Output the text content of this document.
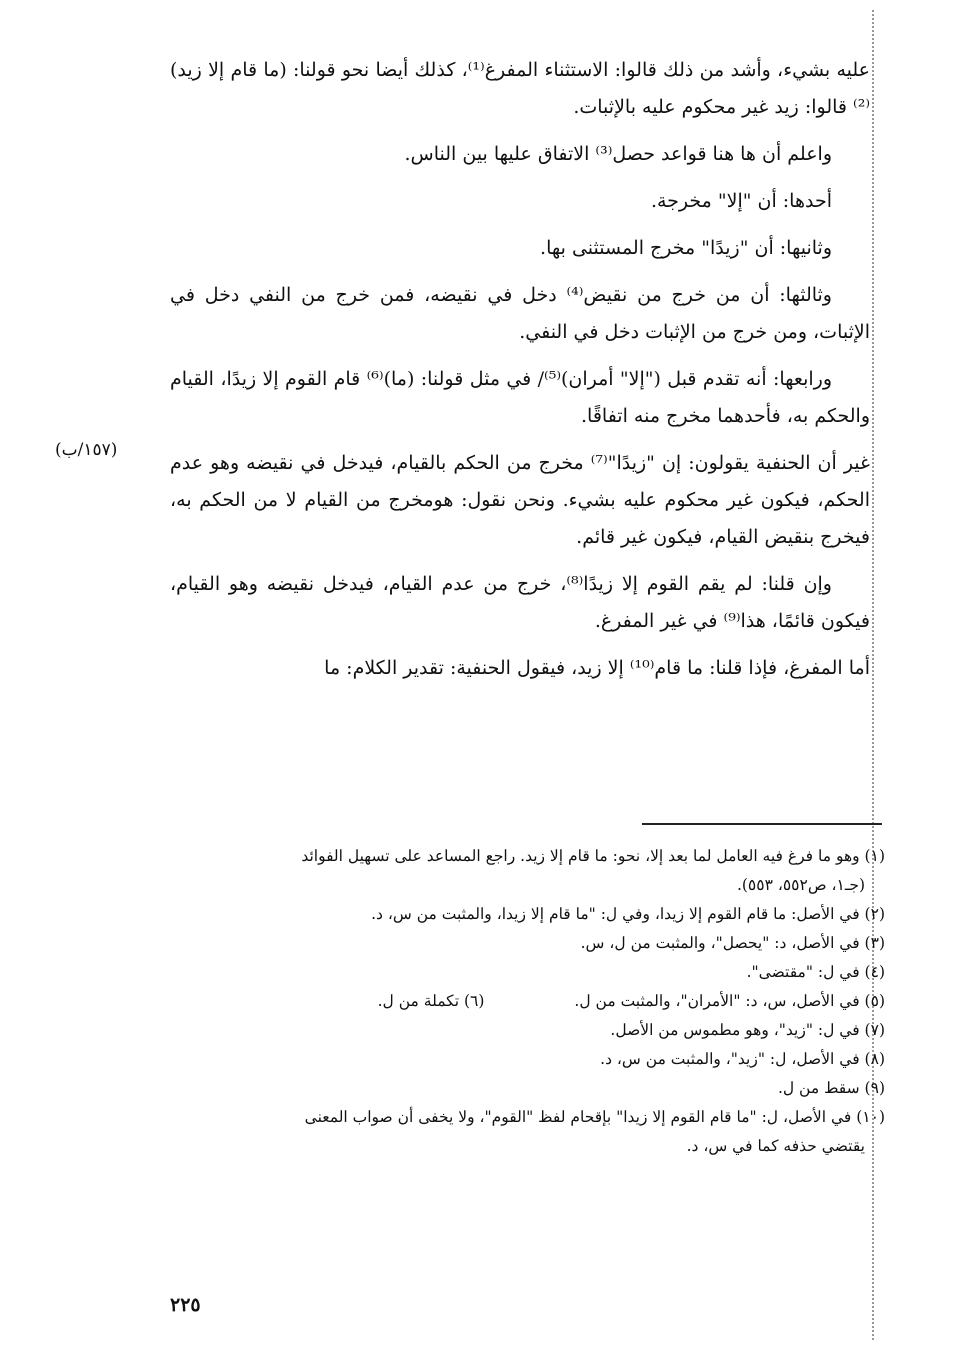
عليه بشيء، وأشد من ذلك قالوا: الاستثناء المفرغ⁽¹⁾، كذلك أيضا نحو قولنا: (ما قام إلا زيد)⁽²⁾ قالوا: زيد غير محكوم عليه بالإثبات.

واعلم أن ها هنا قواعد حصل⁽³⁾ الاتفاق عليها بين الناس.

أحدها: أن "إلا" مخرجة.

وثانيها: أن "زيدًا" مخرج المستثنى بها.

وثالثها: أن من خرج من نقيض⁽⁴⁾ دخل في نقيضه، فمن خرج من النفي دخل في الإثبات، ومن خرج من الإثبات دخل في النفي.

ورابعها: أنه تقدم قبل ("إلا" أمران)⁽⁵⁾/ في مثل قولنا: (ما)⁽⁶⁾ قام القوم إلا زيدًا، القيام والحكم به، فأحدهما مخرج منه اتفاقًا.

غير أن الحنفية يقولون: إن "زيدًا"⁽⁷⁾ مخرج من الحكم بالقيام، فيدخل في نقيضه وهو عدم الحكم، فيكون غير محكوم عليه بشيء. ونحن نقول: هومخرج من القيام لا من الحكم به، فيخرج بنقيض القيام، فيكون غير قائم.

وإن قلنا: لم يقم القوم إلا زيدًا⁽⁸⁾، خرج من عدم القيام، فيدخل نقيضه وهو القيام، فيكون قائمًا، هذا⁽⁹⁾ في غير المفرغ.

أما المفرغ، فإذا قلنا: ما قام⁽¹⁰⁾ إلا زيد، فيقول الحنفية: تقدير الكلام: ما

(١٥٧/ب)

(١) وهو ما فرغ فيه العامل لما بعد إلا، نحو: ما قام إلا زيد. راجع المساعد على تسهيل الفوائد

(جـ١، ص٥٥٢، ٥٥٣).

(٢) في الأصل: ما قام القوم إلا زيدا، وفي ل: "ما قام إلا زيدا، والمثبت من س، د.

(٣) في الأصل، د: "يحصل"، والمثبت من ل، س.

(٤) في ل: "مقتضى".

(٥) في الأصل، س، د: "الأمران"، والمثبت من ل.

(٦) تكملة من ل.

(٧) في ل: "زيد"، وهو مطموس من الأصل.

(٨) في الأصل، ل: "زيد"، والمثبت من س، د.

(٩) سقط من ل.

(١٠) في الأصل، ل: "ما قام القوم إلا زيدا" بإقحام لفظ "القوم"، ولا يخفى أن صواب المعنى

يقتضي حذفه كما في س، د.

٢٢٥
